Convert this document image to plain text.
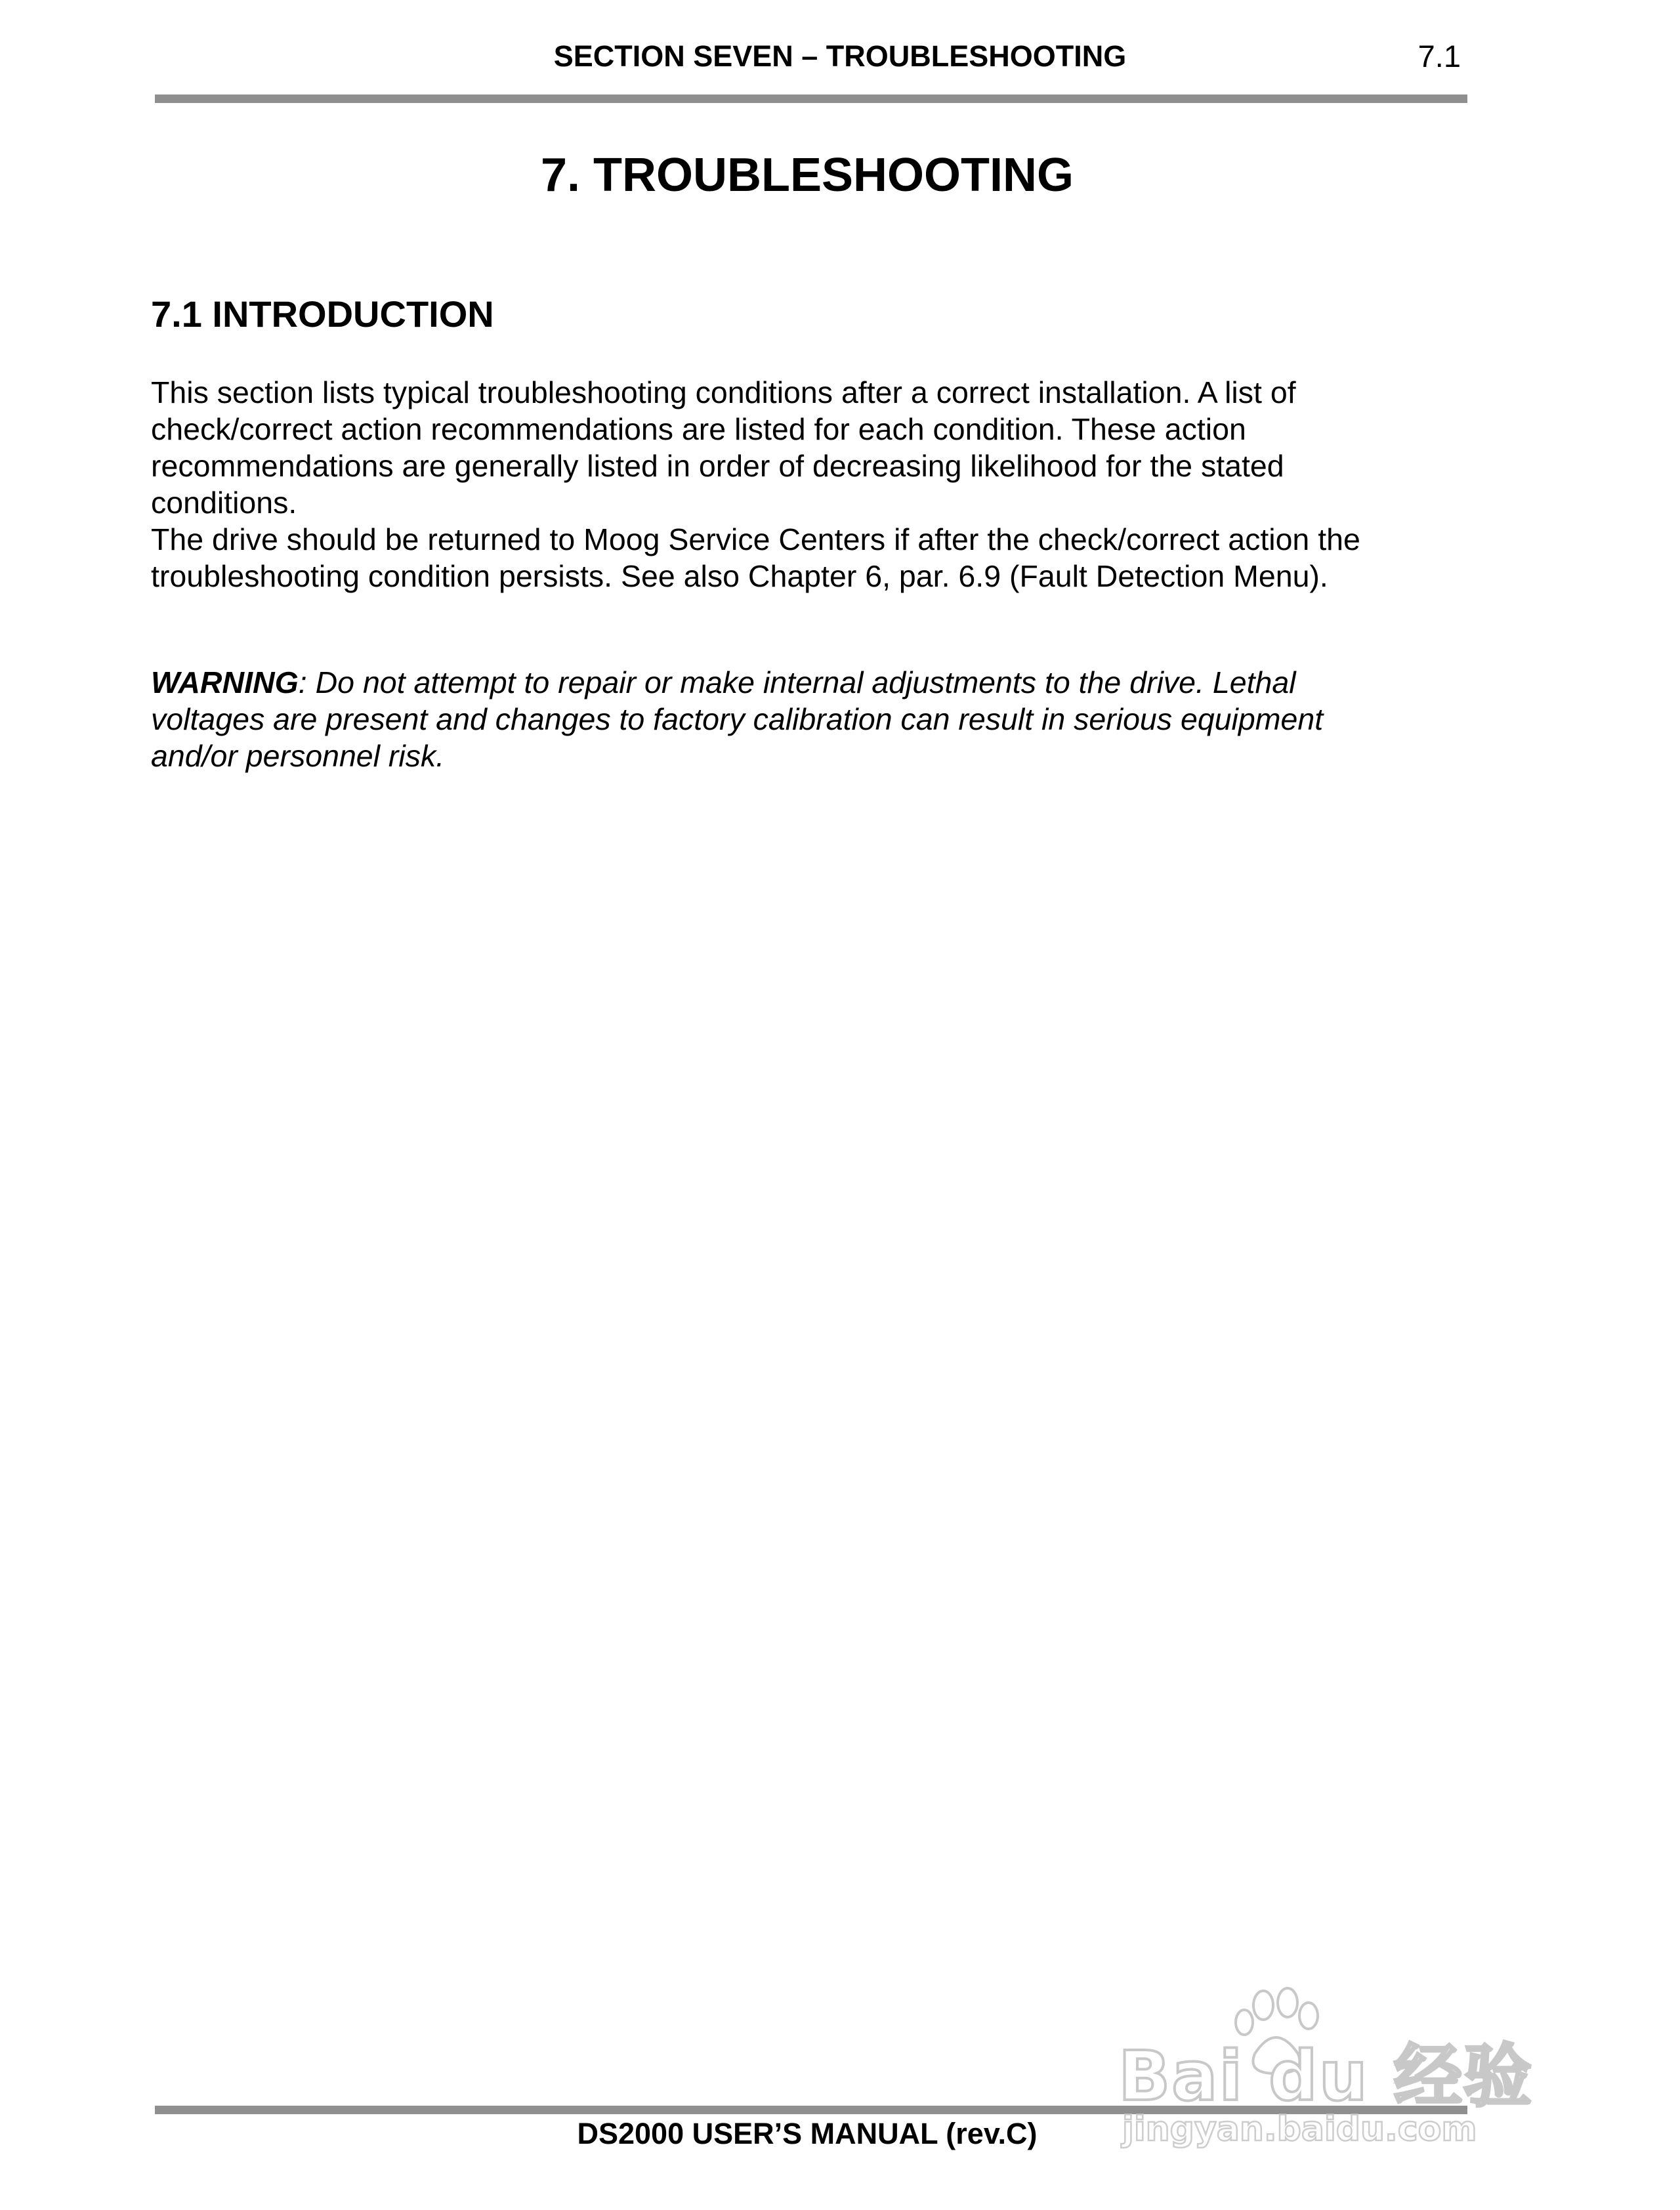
SECTION SEVEN – TROUBLESHOOTING	7.1
7. TROUBLESHOOTING
7.1 INTRODUCTION
This section lists typical troubleshooting conditions after a correct installation. A list of
check/correct action recommendations are listed for each condition. These action
recommendations are generally listed in order of decreasing likelihood for the stated
conditions.
The drive should be returned to Moog Service Centers if after the check/correct action the
troubleshooting condition persists. See also Chapter 6, par. 6.9 (Fault Detection Menu).
WARNING: Do not attempt to repair or make internal adjustments to the drive. Lethal
voltages are present and changes to factory calibration can result in serious equipment
and/or personnel risk.
DS2000 USER’S MANUAL (rev.C)
Bai du 经验
jingyan.baidu.com
